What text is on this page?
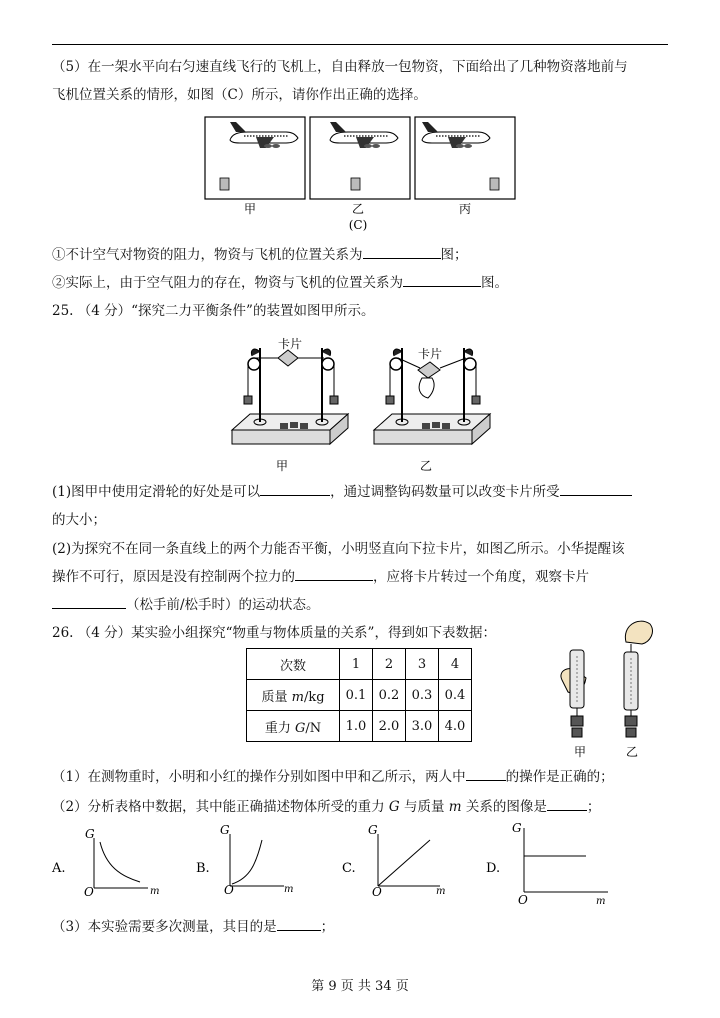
（5）在一架水平向右匀速直线飞行的飞机上，自由释放一包物资，下面给出了几种物资落地前与
飞机位置关系的情形，如图（C）所示，请你作出正确的选择。
甲	乙	丙
(C)
①不计空气对物资的阻力，物资与飞机的位置关系为	图；
②实际上，由于空气阻力的存在，物资与飞机的位置关系为	图。
25. （4 分）“探究二力平衡条件”的装置如图甲所示。
卡片
甲
卡片
乙
(1)图甲中使用定滑轮的好处是可以	，通过调整钩码数量可以改变卡片所受
的大小；
(2)为探究不在同一条直线上的两个力能否平衡，小明竖直向下拉卡片，如图乙所示。小华提醒该
操作不可行，原因是没有控制两个拉力的	，应将卡片转过一个角度，观察卡片
（松手前/松手时）的运动状态。
26. （4 分）某实验小组探究“物重与物体质量的关系”，得到如下表数据：
次数	1	2	3	4
质量 m/kg	0.1	0.2	0.3	0.4
重力 G/N	1.0	2.0	3.0	4.0
甲	乙
（1）在测物重时，小明和小红的操作分别如图中甲和乙所示，两人中	的操作是正确的；
（2）分析表格中数据，其中能正确描述物体所受的重力 G 与质量 m 关系的图像是	；
A.
G
O	m
B.
G
O	m
C.
G
O	m
D.
G
O	m
（3）本实验需要多次测量，其目的是	；
第 9 页 共 34 页
